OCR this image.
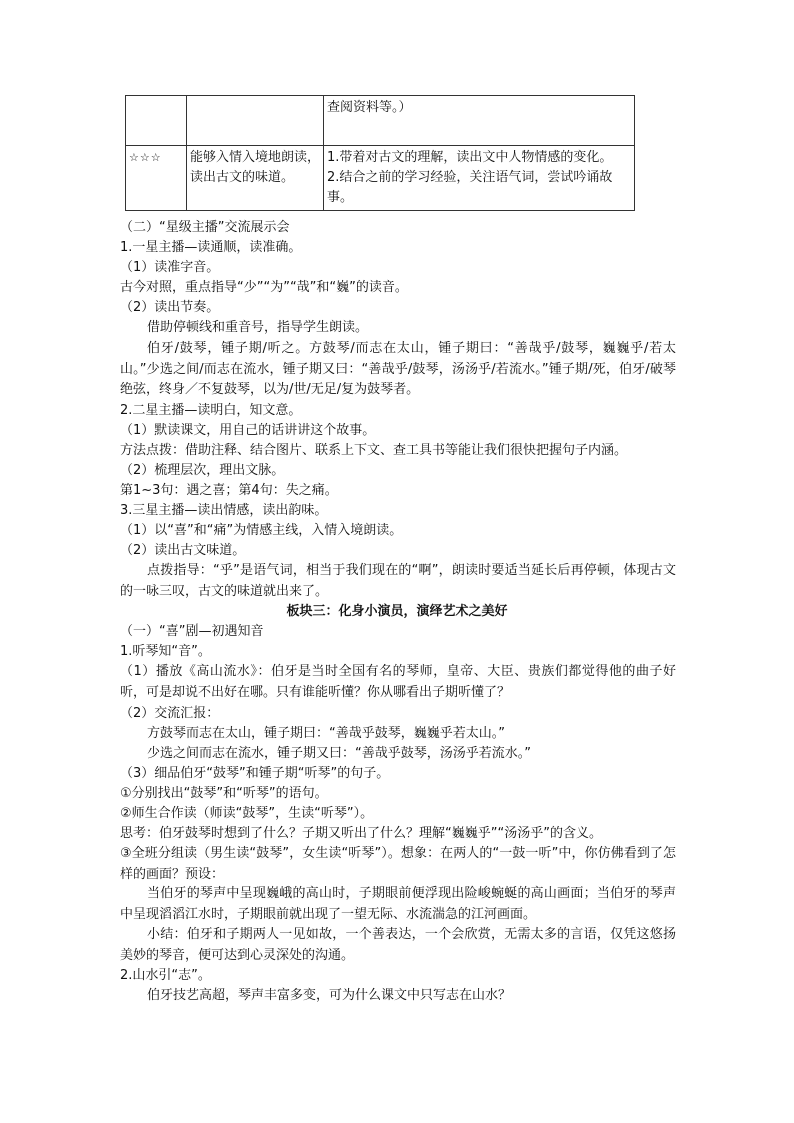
		查阅资料等。）
☆☆☆	能够入情入境地朗读，读出古文的味道。	1.带着对古文的理解，读出文中人物情感的变化。
2.结合之前的学习经验，关注语气词，尝试吟诵故事。
（二）“星级主播”交流展示会
1.一星主播—读通顺，读准确。
（1）读准字音。
古今对照，重点指导“少”“为”“哉”和“巍”的读音。
（2）读出节奏。
借助停顿线和重音号，指导学生朗读。
伯牙/鼓琴，锺子期/听之。方鼓琴/而志在太山，锺子期曰：“善哉乎/鼓琴，巍巍乎/若太山。”少选之间/而志在流水，锺子期又曰：“善哉乎/鼓琴，汤汤乎/若流水。”锺子期/死，伯牙/破琴绝弦，终身／不复鼓琴，以为/世/无足/复为鼓琴者。
2.二星主播—读明白，知文意。
（1）默读课文，用自己的话讲讲这个故事。
方法点拨：借助注释、结合图片、联系上下文、查工具书等能让我们很快把握句子内涵。
（2）梳理层次，理出文脉。
第1~3句：遇之喜；第4句：失之痛。
3.三星主播—读出情感，读出韵味。
（1）以“喜”和“痛”为情感主线，入情入境朗读。
（2）读出古文味道。
点拨指导：“乎”是语气词，相当于我们现在的“啊”，朗读时要适当延长后再停顿，体现古文的一咏三叹，古文的味道就出来了。
板块三：化身小演员，演绎艺术之美好
（一）“喜”剧—初遇知音
1.听琴知“音”。
（1）播放《高山流水》：伯牙是当时全国有名的琴师，皇帝、大臣、贵族们都觉得他的曲子好听，可是却说不出好在哪。只有谁能听懂？你从哪看出子期听懂了？
（2）交流汇报：
方鼓琴而志在太山，锺子期曰：“善哉乎鼓琴，巍巍乎若太山。”
少选之间而志在流水，锺子期又曰：“善哉乎鼓琴，汤汤乎若流水。”
（3）细品伯牙“鼓琴”和锺子期“听琴”的句子。
①分别找出“鼓琴”和“听琴”的语句。
②师生合作读（师读“鼓琴”，生读“听琴”）。
思考：伯牙鼓琴时想到了什么？子期又听出了什么？理解“巍巍乎”“汤汤乎”的含义。
③全班分组读（男生读“鼓琴”，女生读“听琴”）。想象：在两人的“一鼓一听”中，你仿佛看到了怎样的画面？预设：
当伯牙的琴声中呈现巍峨的高山时，子期眼前便浮现出险峻蜿蜒的高山画面；当伯牙的琴声中呈现滔滔江水时，子期眼前就出现了一望无际、水流湍急的江河画面。
小结：伯牙和子期两人一见如故，一个善表达，一个会欣赏，无需太多的言语，仅凭这悠扬美妙的琴音，便可达到心灵深处的沟通。
2.山水引“志”。
伯牙技艺高超，琴声丰富多变，可为什么课文中只写志在山水？
